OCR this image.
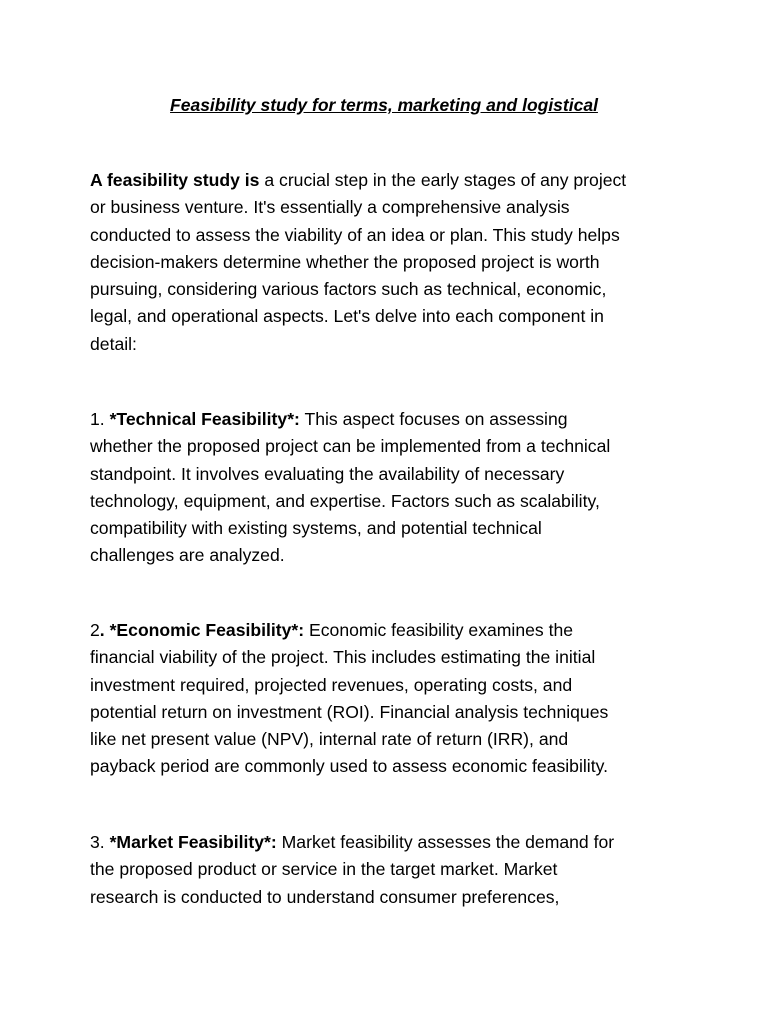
Feasibility study for terms, marketing and logistical

A feasibility study is a crucial step in the early stages of any project
or business venture. It's essentially a comprehensive analysis
conducted to assess the viability of an idea or plan. This study helps
decision-makers determine whether the proposed project is worth
pursuing, considering various factors such as technical, economic,
legal, and operational aspects. Let's delve into each component in
detail:

1. *Technical Feasibility*: This aspect focuses on assessing
whether the proposed project can be implemented from a technical
standpoint. It involves evaluating the availability of necessary
technology, equipment, and expertise. Factors such as scalability,
compatibility with existing systems, and potential technical
challenges are analyzed.

2. *Economic Feasibility*: Economic feasibility examines the
financial viability of the project. This includes estimating the initial
investment required, projected revenues, operating costs, and
potential return on investment (ROI). Financial analysis techniques
like net present value (NPV), internal rate of return (IRR), and
payback period are commonly used to assess economic feasibility.

3. *Market Feasibility*: Market feasibility assesses the demand for
the proposed product or service in the target market. Market
research is conducted to understand consumer preferences,
